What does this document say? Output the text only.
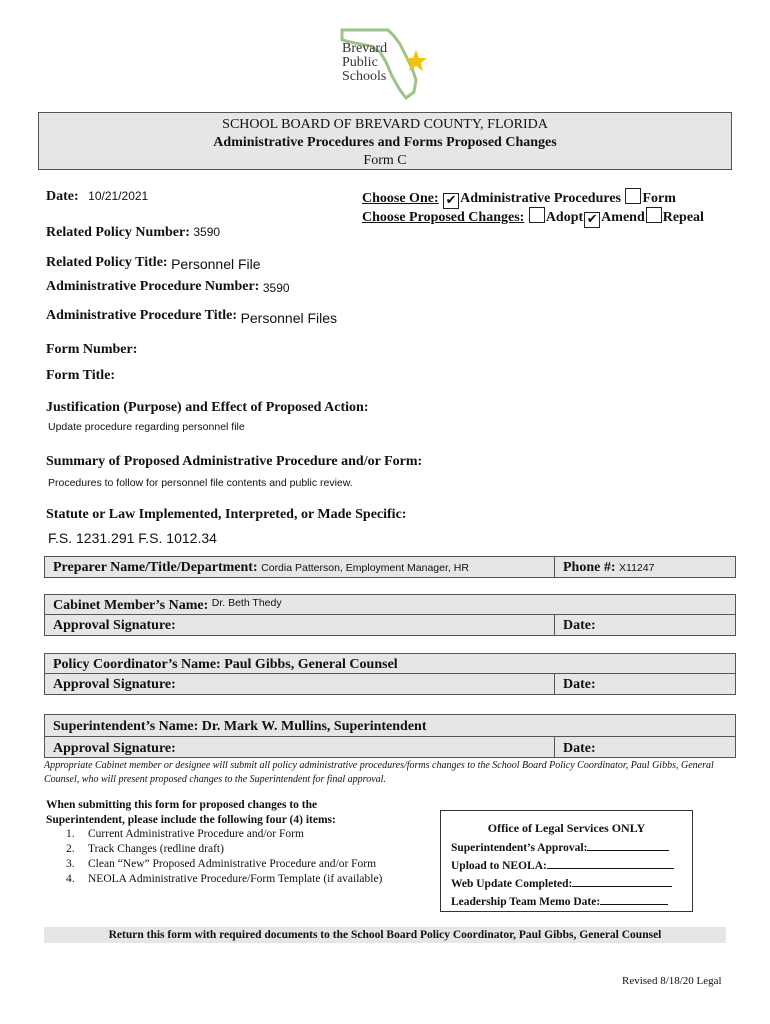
Brevard
Public
Schools
SCHOOL BOARD OF BREVARD COUNTY, FLORIDA
Administrative Procedures and Forms Proposed Changes
Form C
Date: 10/21/2021	Choose One: ✔ Administrative Procedures Form
Choose Proposed Changes: Adopt ✔ Amend Repeal
Related Policy Number: 3590
Related Policy Title: Personnel File
Administrative Procedure Number: 3590
Administrative Procedure Title: Personnel Files
Form Number:
Form Title:
Justification (Purpose) and Effect of Proposed Action:
Update procedure regarding personnel file
Summary of Proposed Administrative Procedure and/or Form:
Procedures to follow for personnel file contents and public review.
Statute or Law Implemented, Interpreted, or Made Specific:
F.S. 1231.291 F.S. 1012.34
Preparer Name/Title/Department: Cordia Patterson, Employment Manager, HR	Phone #: X11247
Cabinet Member’s Name: $^{Dr. Beth Thedy}$
Approval Signature:	Date:
Policy Coordinator’s Name: Paul Gibbs, General Counsel
Approval Signature:	Date:
Superintendent’s Name: Dr. Mark W. Mullins, Superintendent
Approval Signature:	Date:
Appropriate Cabinet member or designee will submit all policy administrative procedures/forms changes to the School Board Policy Coordinator, Paul Gibbs, General Counsel, who will present proposed changes to the Superintendent for final approval.
When submitting this form for proposed changes to the
Superintendent, please include the following four (4) items:
1. Current Administrative Procedure and/or Form
2. Track Changes (redline draft)
3. Clean “New” Proposed Administrative Procedure and/or Form
4. NEOLA Administrative Procedure/Form Template (if available)
Office of Legal Services ONLY
Superintendent’s Approval:
Upload to NEOLA:
Web Update Completed:
Leadership Team Memo Date:
Return this form with required documents to the School Board Policy Coordinator, Paul Gibbs, General Counsel
Revised 8/18/20 Legal
